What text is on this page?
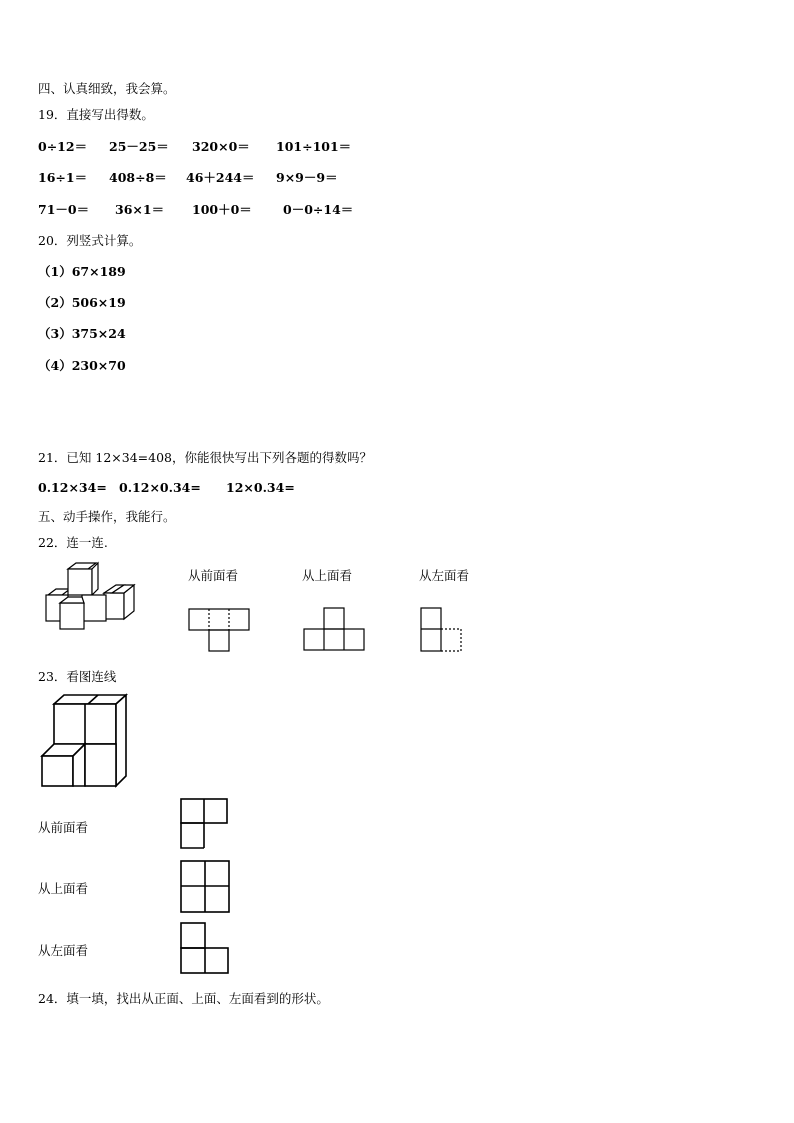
四、认真细致，我会算。
19．直接写出得数。
0÷12＝ 25－25＝ 320×0＝ 101÷101＝
16÷1＝ 408÷8＝ 46＋244＝ 9×9－9＝
71－0＝ 36×1＝ 100＋0＝ 0－0÷14＝
20．列竖式计算。
（1）67×189
（2）506×19
（3）375×24
（4）230×70
21．已知 12×34=408，你能很快写出下列各题的得数吗？
0.12×34= 0.12×0.34= 12×0.34=
五、动手操作，我能行。
22．连一连.
从前面看	从上面看	从左面看
23．看图连线
从前面看
从上面看
从左面看
24．填一填，找出从正面、上面、左面看到的形状。
